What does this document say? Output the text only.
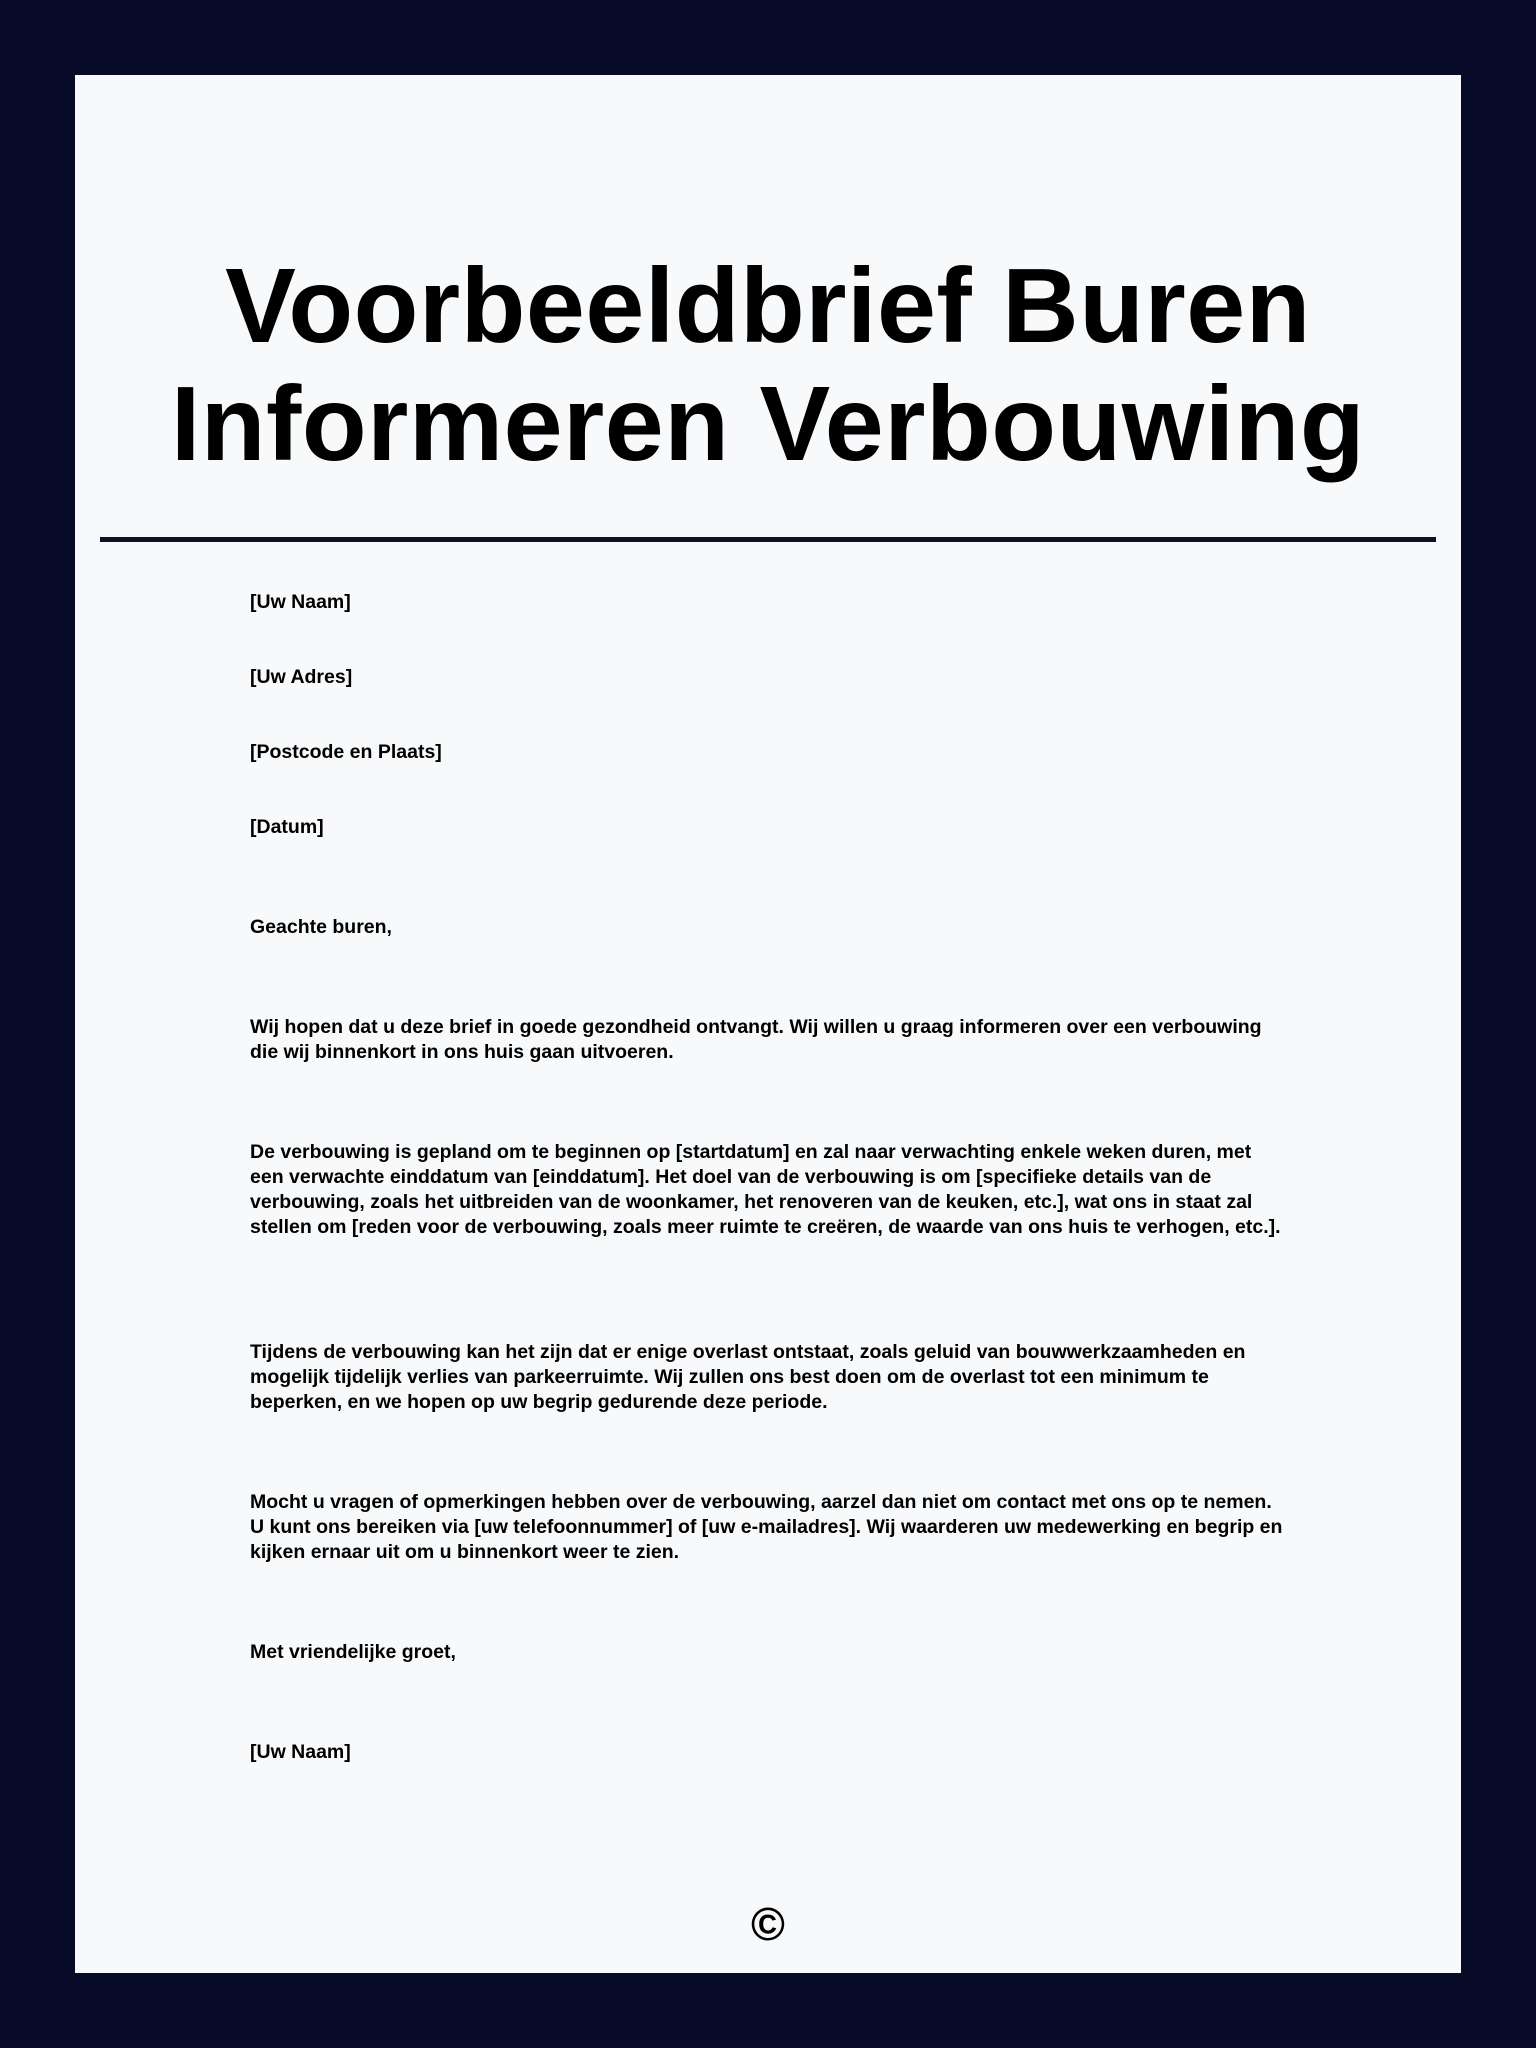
Voorbeeldbrief Buren Informeren Verbouwing

[Uw Naam]

[Uw Adres]

[Postcode en Plaats]

[Datum]

Geachte buren,

Wij hopen dat u deze brief in goede gezondheid ontvangt. Wij willen u graag informeren over een verbouwing die wij binnenkort in ons huis gaan uitvoeren.

De verbouwing is gepland om te beginnen op [startdatum] en zal naar verwachting enkele weken duren, met een verwachte einddatum van [einddatum]. Het doel van de verbouwing is om [specifieke details van de verbouwing, zoals het uitbreiden van de woonkamer, het renoveren van de keuken, etc.], wat ons in staat zal stellen om [reden voor de verbouwing, zoals meer ruimte te creëren, de waarde van ons huis te verhogen, etc.].

Tijdens de verbouwing kan het zijn dat er enige overlast ontstaat, zoals geluid van bouwwerkzaamheden en mogelijk tijdelijk verlies van parkeerruimte. Wij zullen ons best doen om de overlast tot een minimum te beperken, en we hopen op uw begrip gedurende deze periode.

Mocht u vragen of opmerkingen hebben over de verbouwing, aarzel dan niet om contact met ons op te nemen. U kunt ons bereiken via [uw telefoonnummer] of [uw e-mailadres]. Wij waarderen uw medewerking en begrip en kijken ernaar uit om u binnenkort weer te zien.

Met vriendelijke groet,

[Uw Naam]

©
